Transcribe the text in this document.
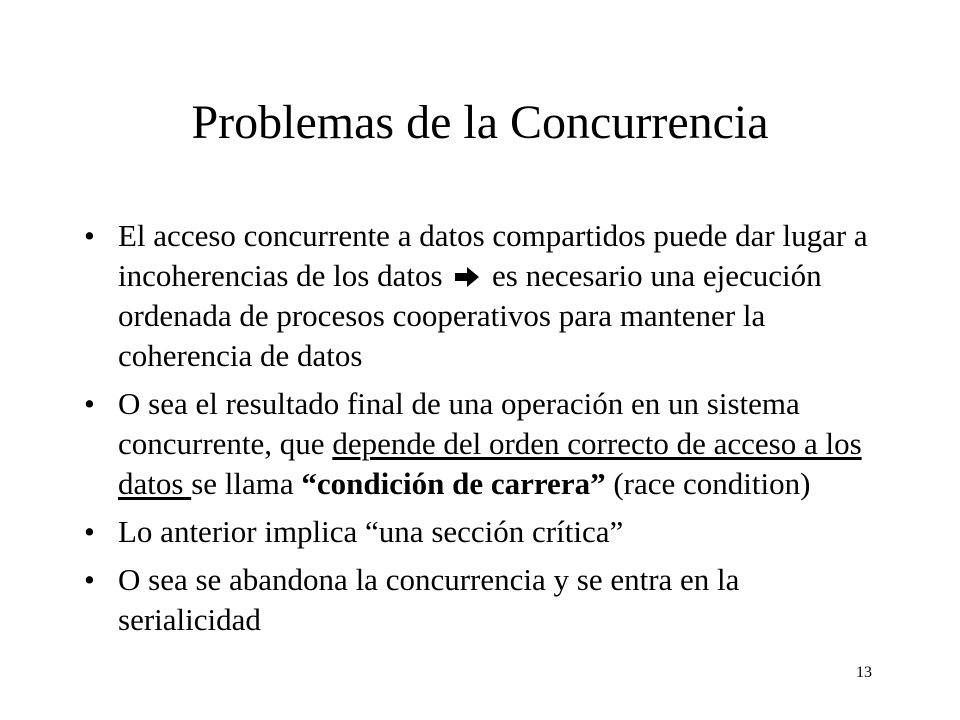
Problemas de la Concurrencia
• El acceso concurrente a datos compartidos puede dar lugar a incoherencias de los datos es necesario una ejecución ordenada de procesos cooperativos para mantener la coherencia de datos
• O sea el resultado final de una operación en un sistema concurrente, que depende del orden correcto de acceso a los datos se llama “condición de carrera” (race condition)
• Lo anterior implica “una sección crítica”
• O sea se abandona la concurrencia y se entra en la serialicidad
13
